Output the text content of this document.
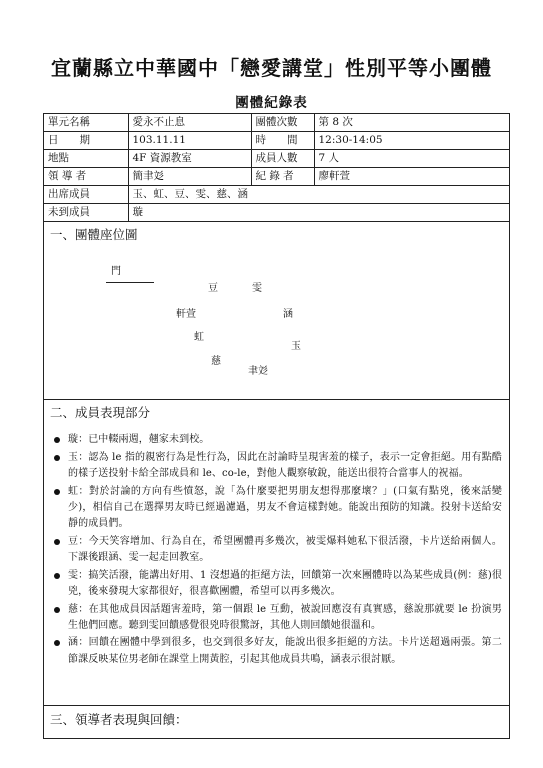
宜蘭縣立中華國中「戀愛講堂」性別平等小團體
團體紀錄表
單元名稱	愛永不止息	團體次數	第 8 次
日　　期	103.11.11	時　　間	12:30-14:05
地點	4F 資源教室	成員人數	7 人
領 導 者	簡聿彣	紀 錄 者	廖軒萱
出席成員	玉、虹、豆、雯、慈、涵		
未到成員	璇		
一、團體座位圖
門
豆	雯
軒萱	涵
虹
玉
慈
聿彣
二、成員表現部分
璇：已中輟兩週，翹家未到校。
玉：認為 le 指的親密行為是性行為，因此在討論時呈現害羞的樣子，表示一定會拒絕。用有點酷的樣子送投射卡給全部成員和 le、co-le，對他人觀察敏銳，能送出很符合當事人的祝福。
虹：對於討論的方向有些憤怒，說「為什麼要把男朋友想得那麼壞？」(口氣有點兇，後來話變少)，相信自己在選擇男友時已經過濾過，男友不會這樣對她。能說出預防的知識。投射卡送給安靜的成員們。
豆：今天笑容增加、行為自在，希望團體再多幾次，被雯爆料她私下很活潑，卡片送給兩個人。下課後跟涵、雯一起走回教室。
雯：搞笑活潑，能講出好用、1 沒想過的拒絕方法，回饋第一次來團體時以為某些成員(例：慈)很兇，後來發現大家都很好，很喜歡團體，希望可以再多幾次。
慈：在其他成員因話題害羞時，第一個跟 le 互動，被說回應沒有真實感，慈說那就要 le 扮演男生他們回應。聽到雯回饋感覺很兇時很驚訝，其他人則回饋她很溫和。
涵：回饋在團體中學到很多，也交到很多好友，能說出很多拒絕的方法。卡片送超過兩張。第二節課反映某位男老師在課堂上開黃腔，引起其他成員共鳴，涵表示很討厭。
三、領導者表現與回饋：
